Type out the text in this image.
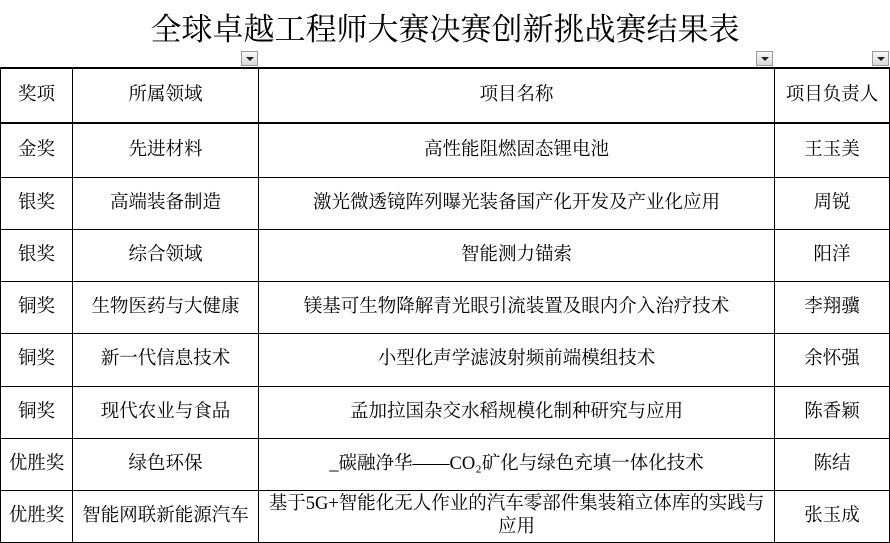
全球卓越工程师大赛决赛创新挑战赛结果表
奖项	所属领域	项目名称	项目负责人
金奖	先进材料	高性能阻燃固态锂电池	王玉美
银奖	高端装备制造	激光微透镜阵列曝光装备国产化开发及产业化应用	周锐
银奖	综合领域	智能测力锚索	阳洋
铜奖	生物医药与大健康	镁基可生物降解青光眼引流装置及眼内介入治疗技术	李翔骥
铜奖	新一代信息技术	小型化声学滤波射频前端模组技术	余怀强
铜奖	现代农业与食品	孟加拉国杂交水稻规模化制种研究与应用	陈香颖
优胜奖	绿色环保	_碳融净华——CO₂矿化与绿色充填一体化技术	陈结
优胜奖	智能网联新能源汽车	基于5G+智能化无人作业的汽车零部件集装箱立体库的实践与应用	张玉成
